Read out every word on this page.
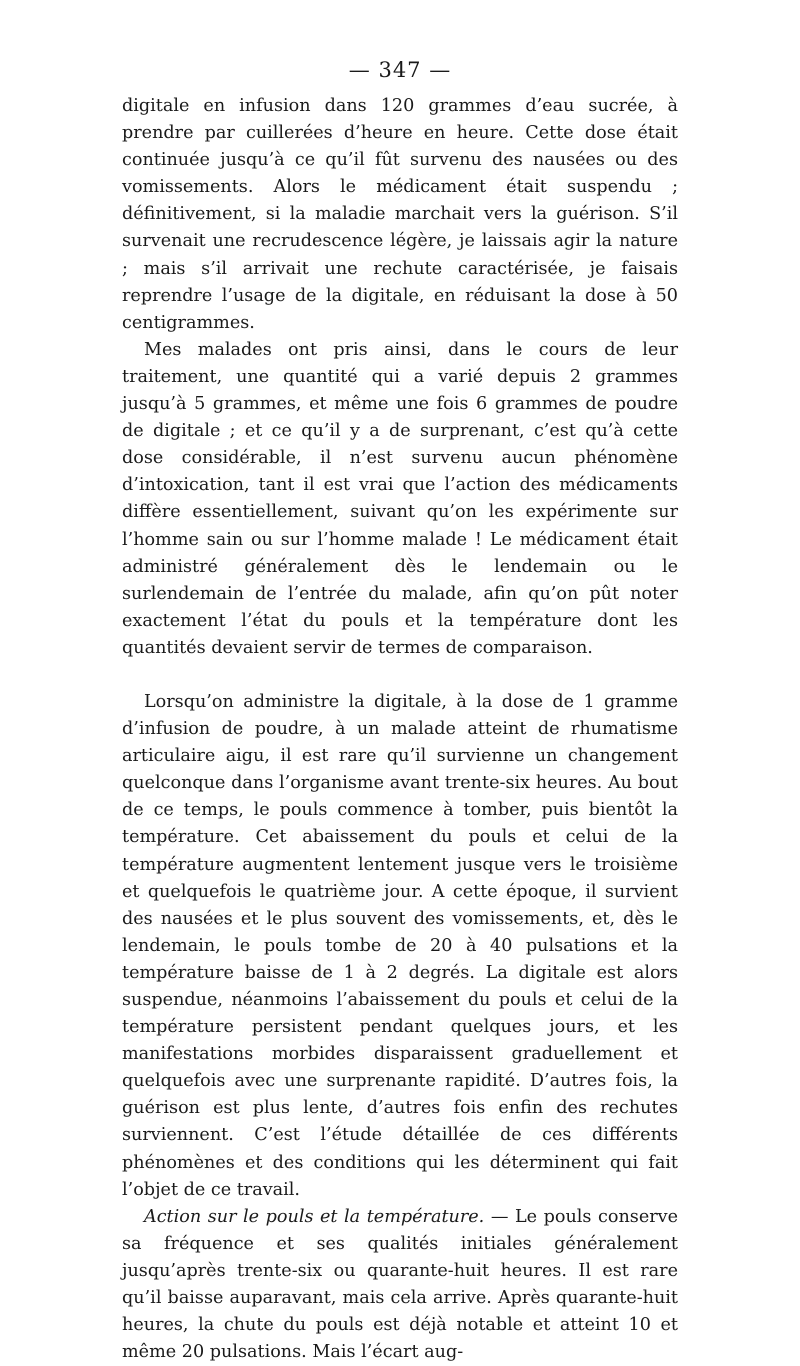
— 347 —

digitale en infusion dans 120 grammes d’eau sucrée, à prendre par cuillerées d’heure en heure. Cette dose était continuée jusqu’à ce qu’il fût survenu des nausées ou des vomissements. Alors le médicament était suspendu ; définitivement, si la maladie marchait vers la guérison. S’il survenait une recrudescence légère, je laissais agir la nature ; mais s’il arrivait une rechute caractérisée, je faisais reprendre l’usage de la digitale, en réduisant la dose à 50 centigrammes.

Mes malades ont pris ainsi, dans le cours de leur traitement, une quantité qui a varié depuis 2 grammes jusqu’à 5 grammes, et même une fois 6 grammes de poudre de digitale ; et ce qu’il y a de surprenant, c’est qu’à cette dose considérable, il n’est survenu aucun phénomène d’intoxication, tant il est vrai que l’action des médicaments diffère essentiellement, suivant qu’on les expérimente sur l’homme sain ou sur l’homme malade ! Le médicament était administré généralement dès le lendemain ou le surlendemain de l’entrée du malade, afin qu’on pût noter exactement l’état du pouls et la température dont les quantités devaient servir de termes de comparaison.

Lorsqu’on administre la digitale, à la dose de 1 gramme d’infusion de poudre, à un malade atteint de rhumatisme articulaire aigu, il est rare qu’il survienne un changement quelconque dans l’organisme avant trente-six heures. Au bout de ce temps, le pouls commence à tomber, puis bientôt la température. Cet abaissement du pouls et celui de la température augmentent lentement jusque vers le troisième et quelquefois le quatrième jour. A cette époque, il survient des nausées et le plus souvent des vomissements, et, dès le lendemain, le pouls tombe de 20 à 40 pulsations et la température baisse de 1 à 2 degrés. La digitale est alors suspendue, néanmoins l’abaissement du pouls et celui de la température persistent pendant quelques jours, et les manifestations morbides disparaissent graduellement et quelquefois avec une surprenante rapidité. D’autres fois, la guérison est plus lente, d’autres fois enfin des rechutes surviennent. C’est l’étude détaillée de ces différents phénomènes et des conditions qui les déterminent qui fait l’objet de ce travail.

Action sur le pouls et la température. — Le pouls conserve sa fréquence et ses qualités initiales généralement jusqu’après trente-six ou quarante-huit heures. Il est rare qu’il baisse auparavant, mais cela arrive. Après quarante-huit heures, la chute du pouls est déjà notable et atteint 10 et même 20 pulsations. Mais l’écart aug-
